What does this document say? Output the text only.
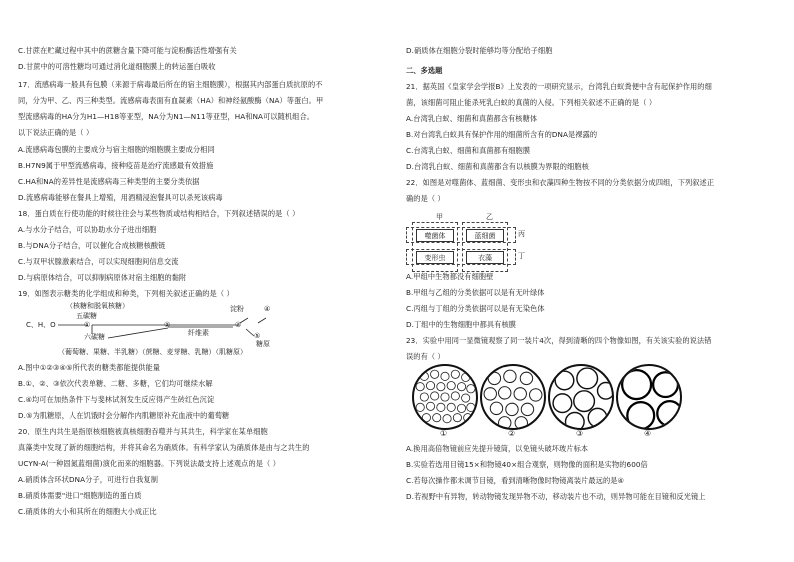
C.甘蔗在贮藏过程中其中的蔗糖含量下降可能与淀粉酶活性增强有关
D.甘蔗中的可溶性糖均可通过消化道细胞膜上的转运蛋白吸收
17．流感病毒一般具有包膜（来源于病毒最后所在的宿主细胞膜），根据其内部蛋白质抗原的不
同，分为甲、乙、丙三种类型。流感病毒表面有血凝素（HA）和神经氨酸酶（NA）等蛋白。甲
型流感病毒的HA分为H1—H18等亚型，NA分为N1—N11等亚型，HA和NA可以随机组合。
以下说法正确的是（ ）
A.流感病毒包膜的主要成分与宿主细胞的细胞膜主要成分相同
B.H7N9属于甲型流感病毒，接种疫苗是治疗流感最有效措施
C.HA和NA的差异性是流感病毒三种类型的主要分类依据
D.流感病毒能够在餐具上增殖，用酒精浸泡餐具可以杀死该病毒
18．蛋白质在行使功能的时候往往会与某些物质或结构相结合，下列叙述错误的是（ ）
A.与水分子结合，可以协助水分子进出细胞
B.与DNA分子结合，可以催化合成核糖核酸链
C.与双甲状腺激素结合，可以实现细胞间信息交流
D.与病原体结合，可以抑制病原体对宿主细胞的黏附
19．如图表示糖类的化学组成和种类，下列相关叙述正确的是（ ）
（核糖和脱氧核糖）
五碳糖
C、H、O	①
六碳糖
②	③
淀粉	④
纤维素	⑤
糖原
（葡萄糖、果糖、半乳糖）（蔗糖、麦芽糖、乳糖）（肌糖原）
A.图中①②③④⑤所代表的糖类都能提供能量
B.①、②、③依次代表单糖、二糖、多糖，它们均可继续水解
C.④均可在加热条件下与斐林试剂发生反应得产生砖红色沉淀
D.⑤为肌糖原，人在饥饿时会分解作内肌糖原补充血液中的葡萄糖
20．原生内共生是指原核细胞被真核细胞吞噬并与其共生，科学家在某单细胞
真藻类中发现了新的细胞结构，并将其命名为硝质体。有科学家认为硝质体是由与之共生的
UCYN-A(一种固氮蓝细菌)演化而来的细胞器。下列说法最支持上述观点的是（ ）
A.硝质体含环状DNA分子，可进行自我复制
B.硝质体需要"进口"细胞制造的蛋白质
C.硝质体的大小和其所在的细胞大小成正比
D.硝质体在细胞分裂时能够均等分配给子细胞
二、多选题
21．据英国《皇家学会学报B》上发表的一项研究显示，台湾乳白蚁粪便中含有起保护作用的细
菌，该细菌可阻止能杀死乳白蚁的真菌的入侵。下列相关叙述不正确的是（ ）
A.台湾乳白蚁、细菌和真菌都含有核糖体
B.对台湾乳白蚁具有保护作用的细菌所含有的DNA是裸露的
C.台湾乳白蚁、细菌和真菌都有细胞膜
D.台湾乳白蚁、细菌和真菌都含有以核膜为界限的细胞核
22．如图是对噬菌体、蓝细菌、变形虫和衣藻四种生物按不同的分类依据分成四组，下列叙述正
确的是（ ）
甲	乙
噬菌体	蓝细菌
变形虫	衣藻
丙
丁
A.甲组中生物都没有细胞壁
B.甲组与乙组的分类依据可以是有无叶绿体
C.丙组与丁组的分类依据可以是有无染色体
D.丁组中的生物细胞中都具有核膜
23．实验中用同一显微镜观察了同一装片4次，得到清晰的四个物像如图，有关该实验的说法错
误的有（ ）
①	②	③	④
A.换用高倍物镜前应先提升镜筒，以免镜头破坏玻片标本
B.实验若选用目镜15×和物镜40×组合观察，则物像的面积是实物的600倍
C.若每次操作都未调节目镜，看到清晰物像时物镜离装片最远的是④
D.若视野中有异物，转动物镜发现异物不动，移动装片也不动，则异物可能在目镜和反光镜上
